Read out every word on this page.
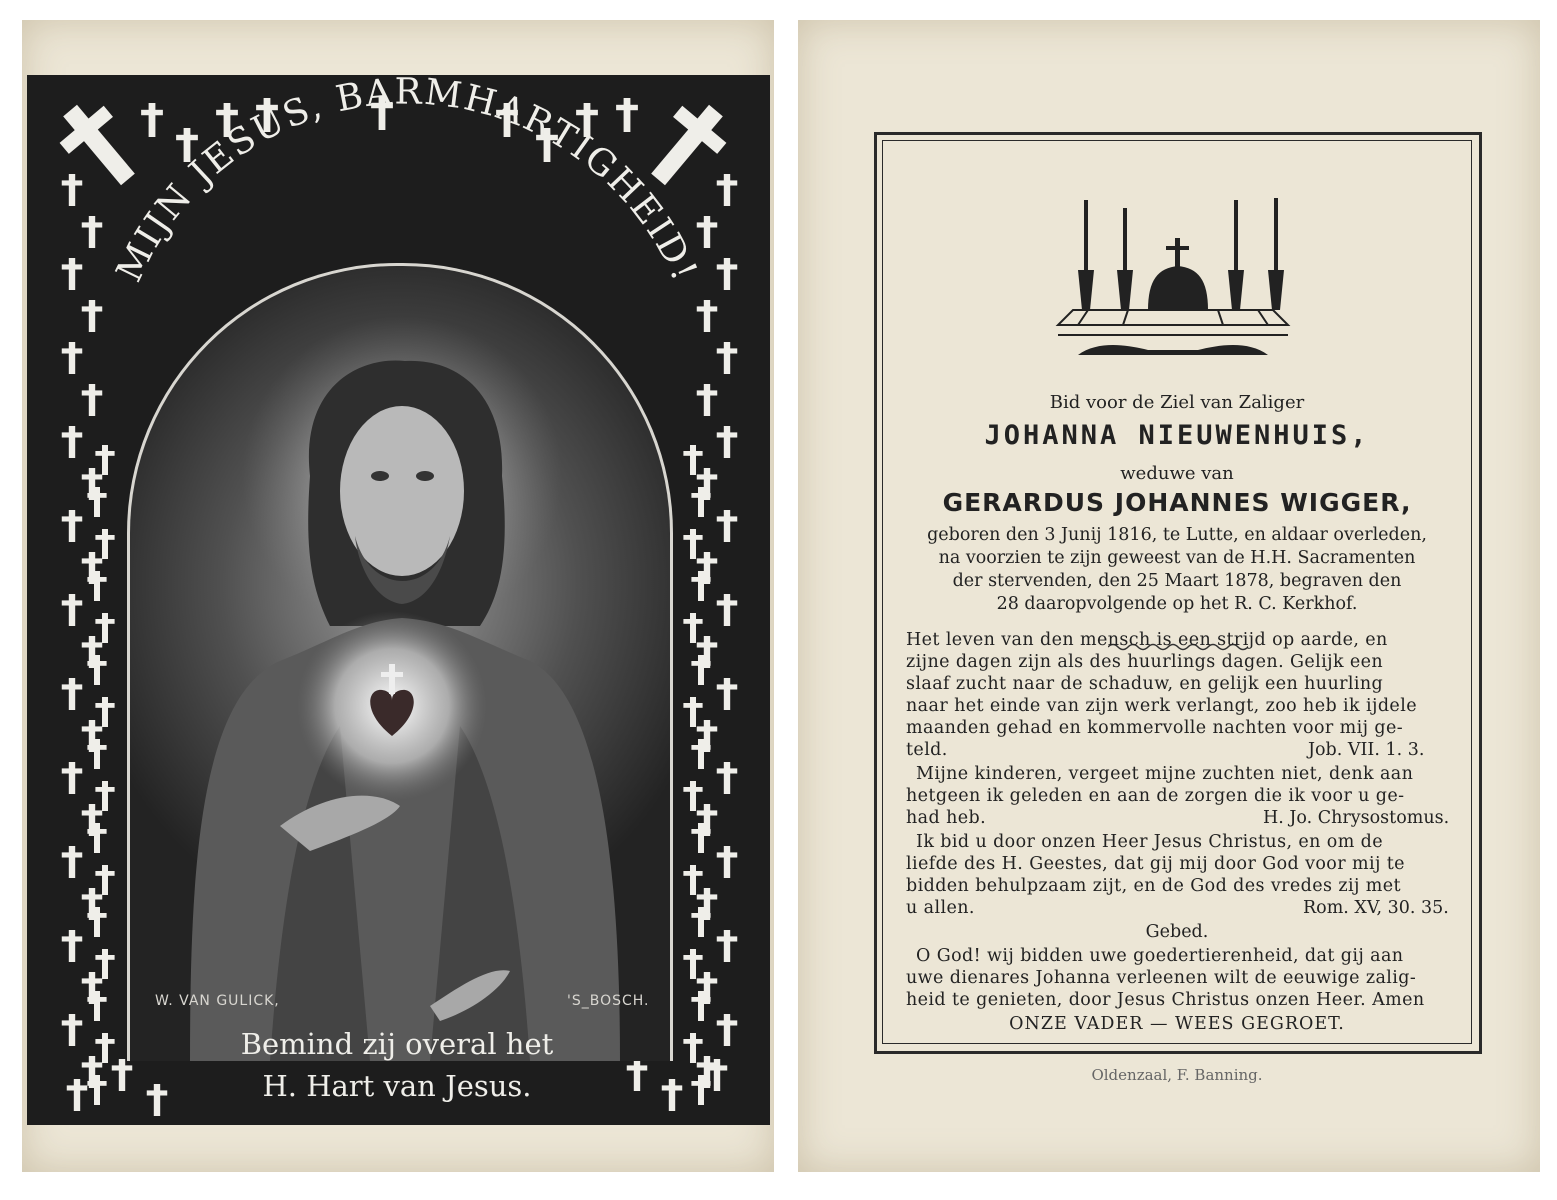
MIJN JESUS, BARMHARTIGHEID!
W. VAN GULICK,	'S_BOSCH.
Bemind zij overal het
H. Hart van Jesus.
Bid voor de Ziel van Zaliger
JOHANNA NIEUWENHUIS,
weduwe van
GERARDUS JOHANNES WIGGER,
geboren den 3 Junij 1816, te Lutte, en aldaar overleden,
na voorzien te zijn geweest van de H.H. Sacramenten
der stervenden, den 25 Maart 1878, begraven den
28 daaropvolgende op het R. C. Kerkhof.
Het leven van den mensch is een strijd op aarde, en
zijne dagen zijn als des huurlings dagen. Gelijk een
slaaf zucht naar de schaduw, en gelijk een huurling
naar het einde van zijn werk verlangt, zoo heb ik ijdele
maanden gehad en kommervolle nachten voor mij ge-
teld.	Job. VII. 1. 3.
Mijne kinderen, vergeet mijne zuchten niet, denk aan
hetgeen ik geleden en aan de zorgen die ik voor u ge-
had heb.	H. Jo. Chrysostomus.
Ik bid u door onzen Heer Jesus Christus, en om de
liefde des H. Geestes, dat gij mij door God voor mij te
bidden behulpzaam zijt, en de God des vredes zij met
u allen.	Rom. XV, 30. 35.
Gebed.
O God! wij bidden uwe goedertierenheid, dat gij aan
uwe dienares Johanna verleenen wilt de eeuwige zalig-
heid te genieten, door Jesus Christus onzen Heer. Amen
ONZE VADER — WEES GEGROET.
Oldenzaal, F. Banning.
